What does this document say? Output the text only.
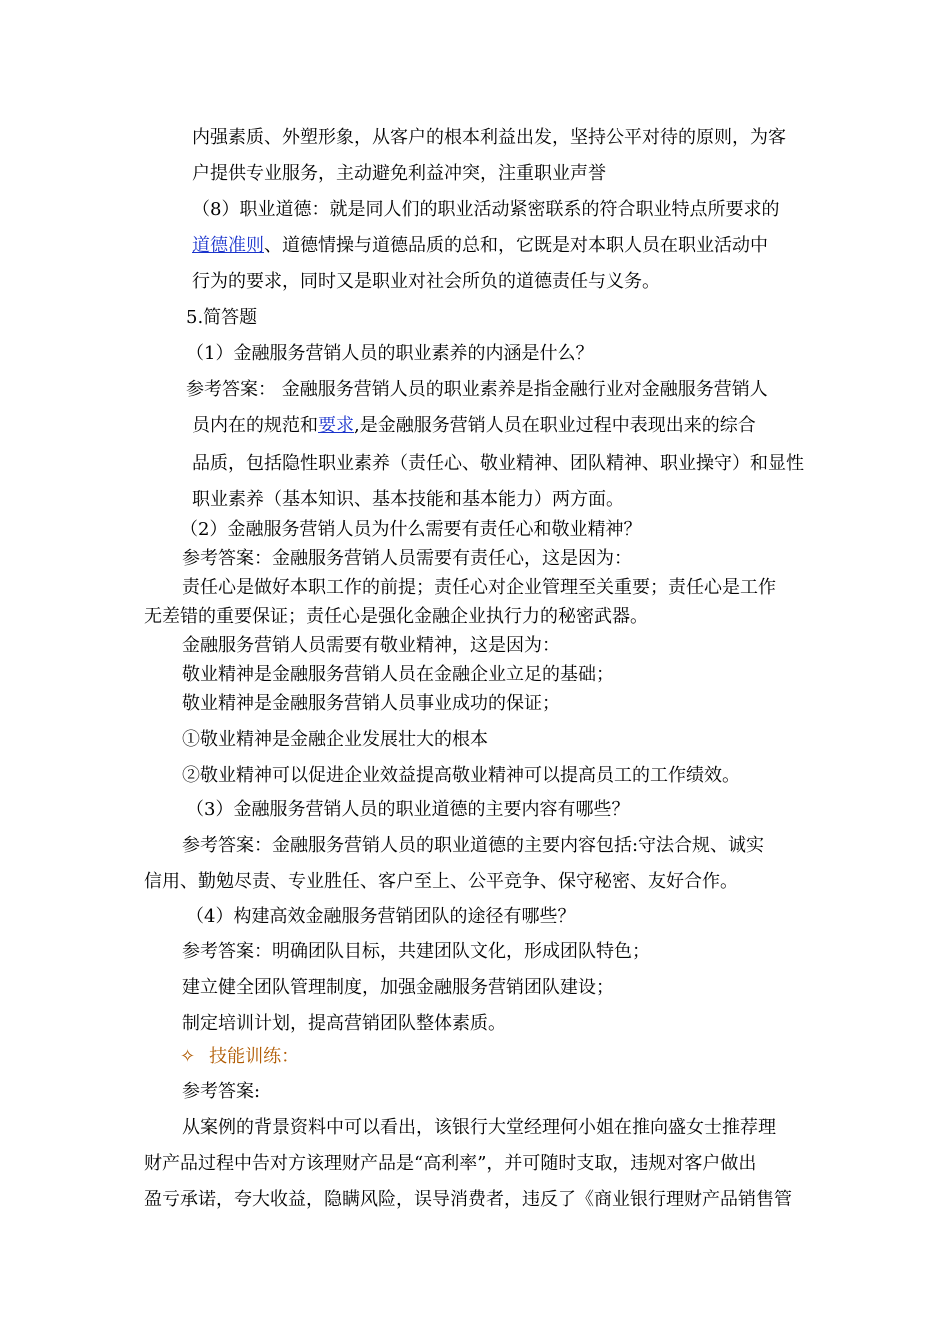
内强素质、外塑形象，从客户的根本利益出发，坚持公平对待的原则，为客
户提供专业服务，主动避免利益冲突，注重职业声誉
（8）职业道德：就是同人们的职业活动紧密联系的符合职业特点所要求的
道德准则、道德情操与道德品质的总和，它既是对本职人员在职业活动中
行为的要求，同时又是职业对社会所负的道德责任与义务。
5.简答题
（1）金融服务营销人员的职业素养的内涵是什么？
参考答案： 金融服务营销人员的职业素养是指金融行业对金融服务营销人
员内在的规范和要求,是金融服务营销人员在职业过程中表现出来的综合
品质，包括隐性职业素养（责任心、敬业精神、团队精神、职业操守）和显性
职业素养（基本知识、基本技能和基本能力）两方面。
（2）金融服务营销人员为什么需要有责任心和敬业精神？
参考答案：金融服务营销人员需要有责任心，这是因为：
责任心是做好本职工作的前提；责任心对企业管理至关重要；责任心是工作
无差错的重要保证；责任心是强化金融企业执行力的秘密武器。
金融服务营销人员需要有敬业精神，这是因为：
敬业精神是金融服务营销人员在金融企业立足的基础；
敬业精神是金融服务营销人员事业成功的保证；
①敬业精神是金融企业发展壮大的根本
②敬业精神可以促进企业效益提高敬业精神可以提高员工的工作绩效。
（3）金融服务营销人员的职业道德的主要内容有哪些？
参考答案：金融服务营销人员的职业道德的主要内容包括:守法合规、诚实
信用、勤勉尽责、专业胜任、客户至上、公平竞争、保守秘密、友好合作。
（4）构建高效金融服务营销团队的途径有哪些？
参考答案：明确团队目标，共建团队文化，形成团队特色；
建立健全团队管理制度，加强金融服务营销团队建设；
制定培训计划，提高营销团队整体素质。
✧ 技能训练：
参考答案:
从案例的背景资料中可以看出，该银行大堂经理何小姐在推向盛女士推荐理
财产品过程中告对方该理财产品是“高利率”，并可随时支取，违规对客户做出
盈亏承诺，夸大收益，隐瞒风险，误导消费者，违反了《商业银行理财产品销售管
